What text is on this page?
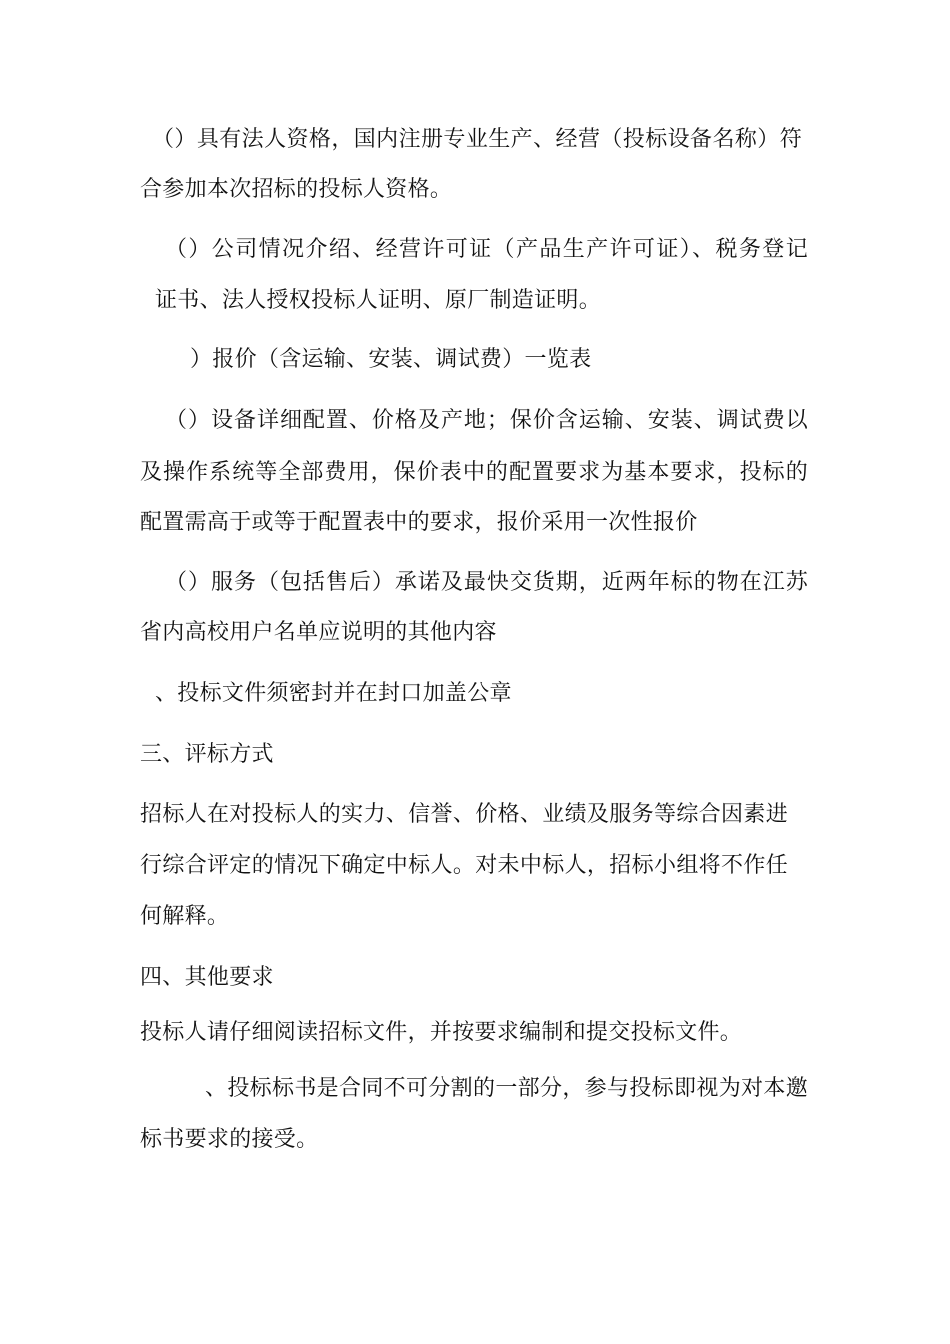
（）具有法人资格，国内注册专业生产、经营（投标设备名称）符
合参加本次招标的投标人资格。
（）公司情况介绍、经营许可证（产品生产许可证）、税务登记
证书、法人授权投标人证明、原厂制造证明。
）报价（含运输、安装、调试费）一览表
（）设备详细配置、价格及产地；保价含运输、安装、调试费以
及操作系统等全部费用，保价表中的配置要求为基本要求，投标的
配置需高于或等于配置表中的要求，报价采用一次性报价
（）服务（包括售后）承诺及最快交货期，近两年标的物在江苏
省内高校用户名单应说明的其他内容
、投标文件须密封并在封口加盖公章
三、评标方式
招标人在对投标人的实力、信誉、价格、业绩及服务等综合因素进
行综合评定的情况下确定中标人。对未中标人，招标小组将不作任
何解释。
四、其他要求
投标人请仔细阅读招标文件，并按要求编制和提交投标文件。
、投标标书是合同不可分割的一部分，参与投标即视为对本邀
标书要求的接受。
